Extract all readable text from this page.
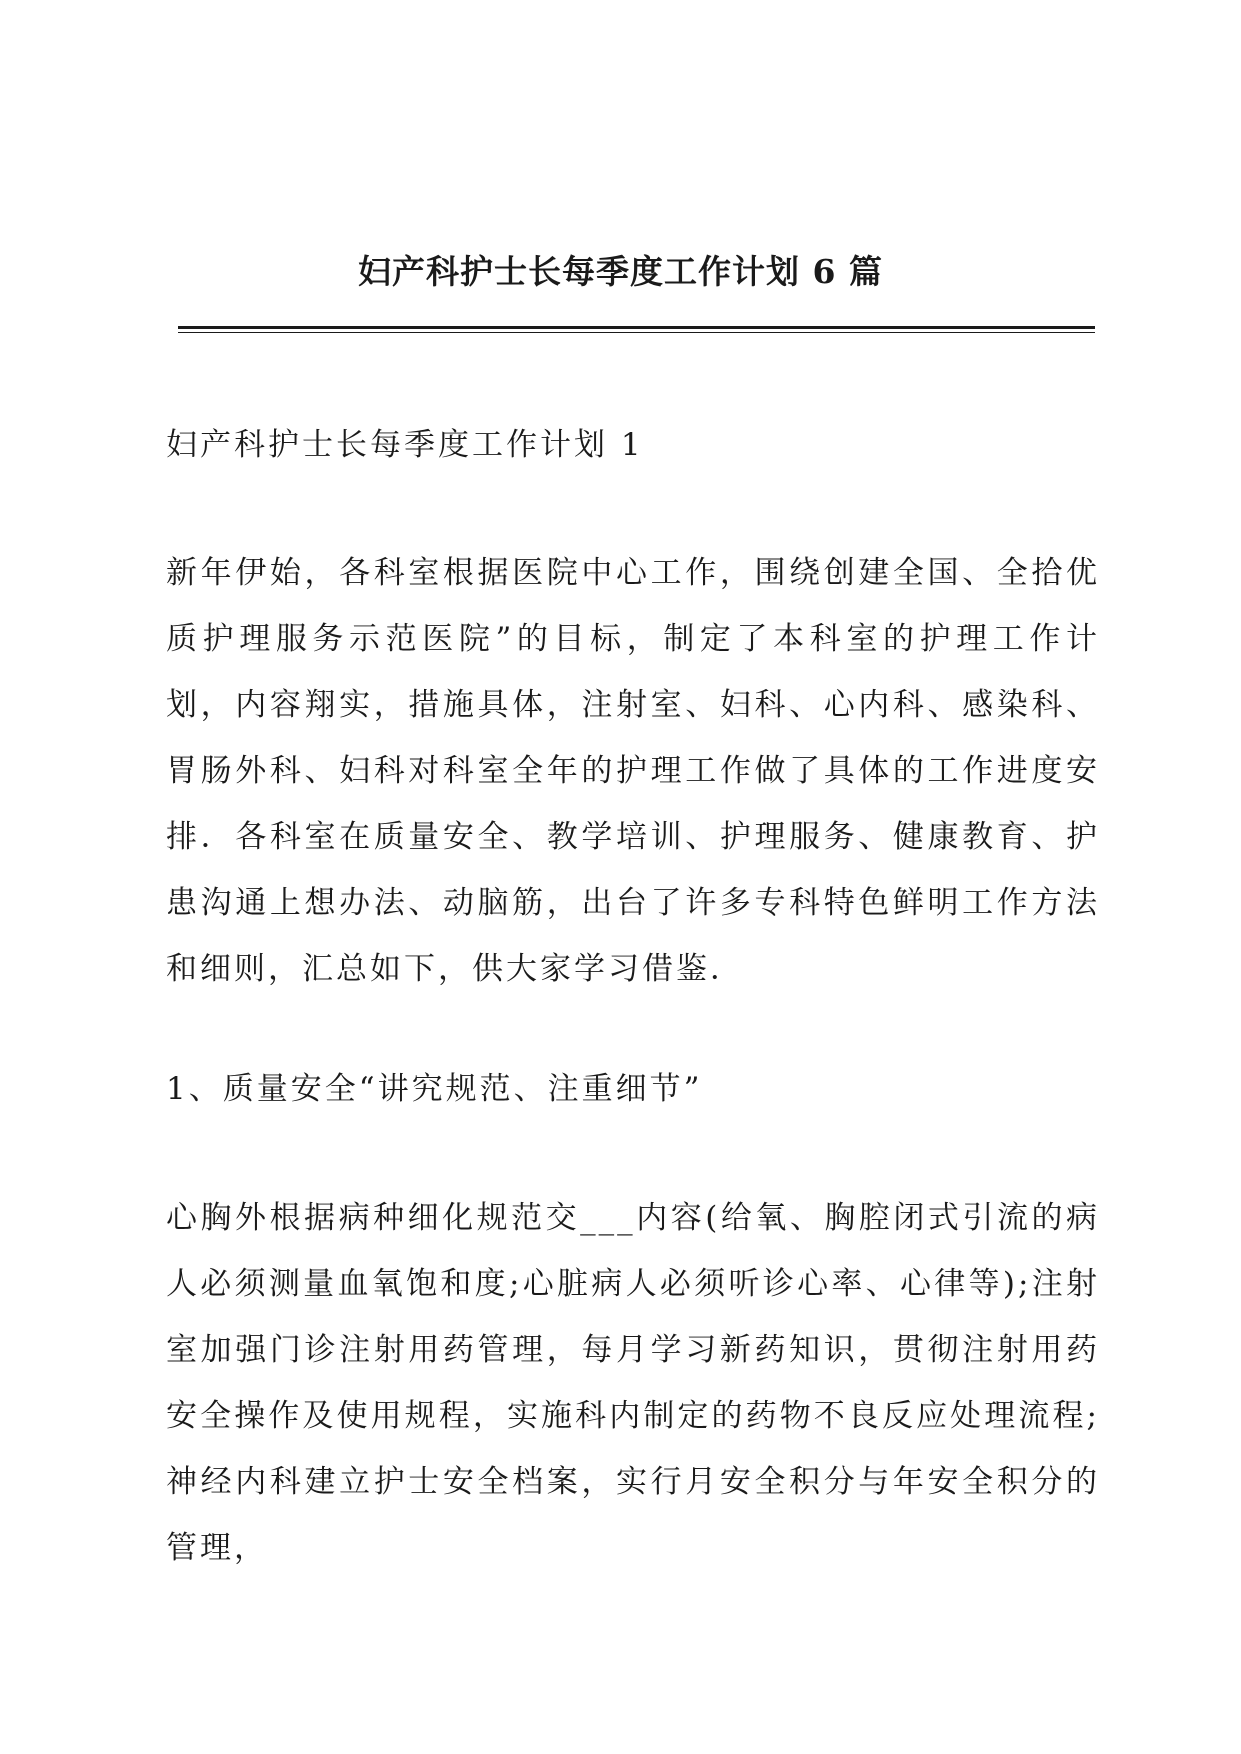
妇产科护士长每季度工作计划 6 篇

妇产科护士长每季度工作计划 1

新年伊始，各科室根据医院中心工作，围绕创建全国、全拾优质护理服务示范医院”的目标，制定了本科室的护理工作计划，内容翔实，措施具体，注射室、妇科、心内科、感染科、胃肠外科、妇科对科室全年的护理工作做了具体的工作进度安排．各科室在质量安全、教学培训、护理服务、健康教育、护患沟通上想办法、动脑筋，出台了许多专科特色鲜明工作方法和细则，汇总如下，供大家学习借鉴．

1、质量安全“讲究规范、注重细节”

心胸外根据病种细化规范交___内容(给氧、胸腔闭式引流的病人必须测量血氧饱和度;心脏病人必须听诊心率、心律等);注射室加强门诊注射用药管理，每月学习新药知识，贯彻注射用药安全操作及使用规程，实施科内制定的药物不良反应处理流程;神经内科建立护士安全档案，实行月安全积分与年安全积分的管理，
